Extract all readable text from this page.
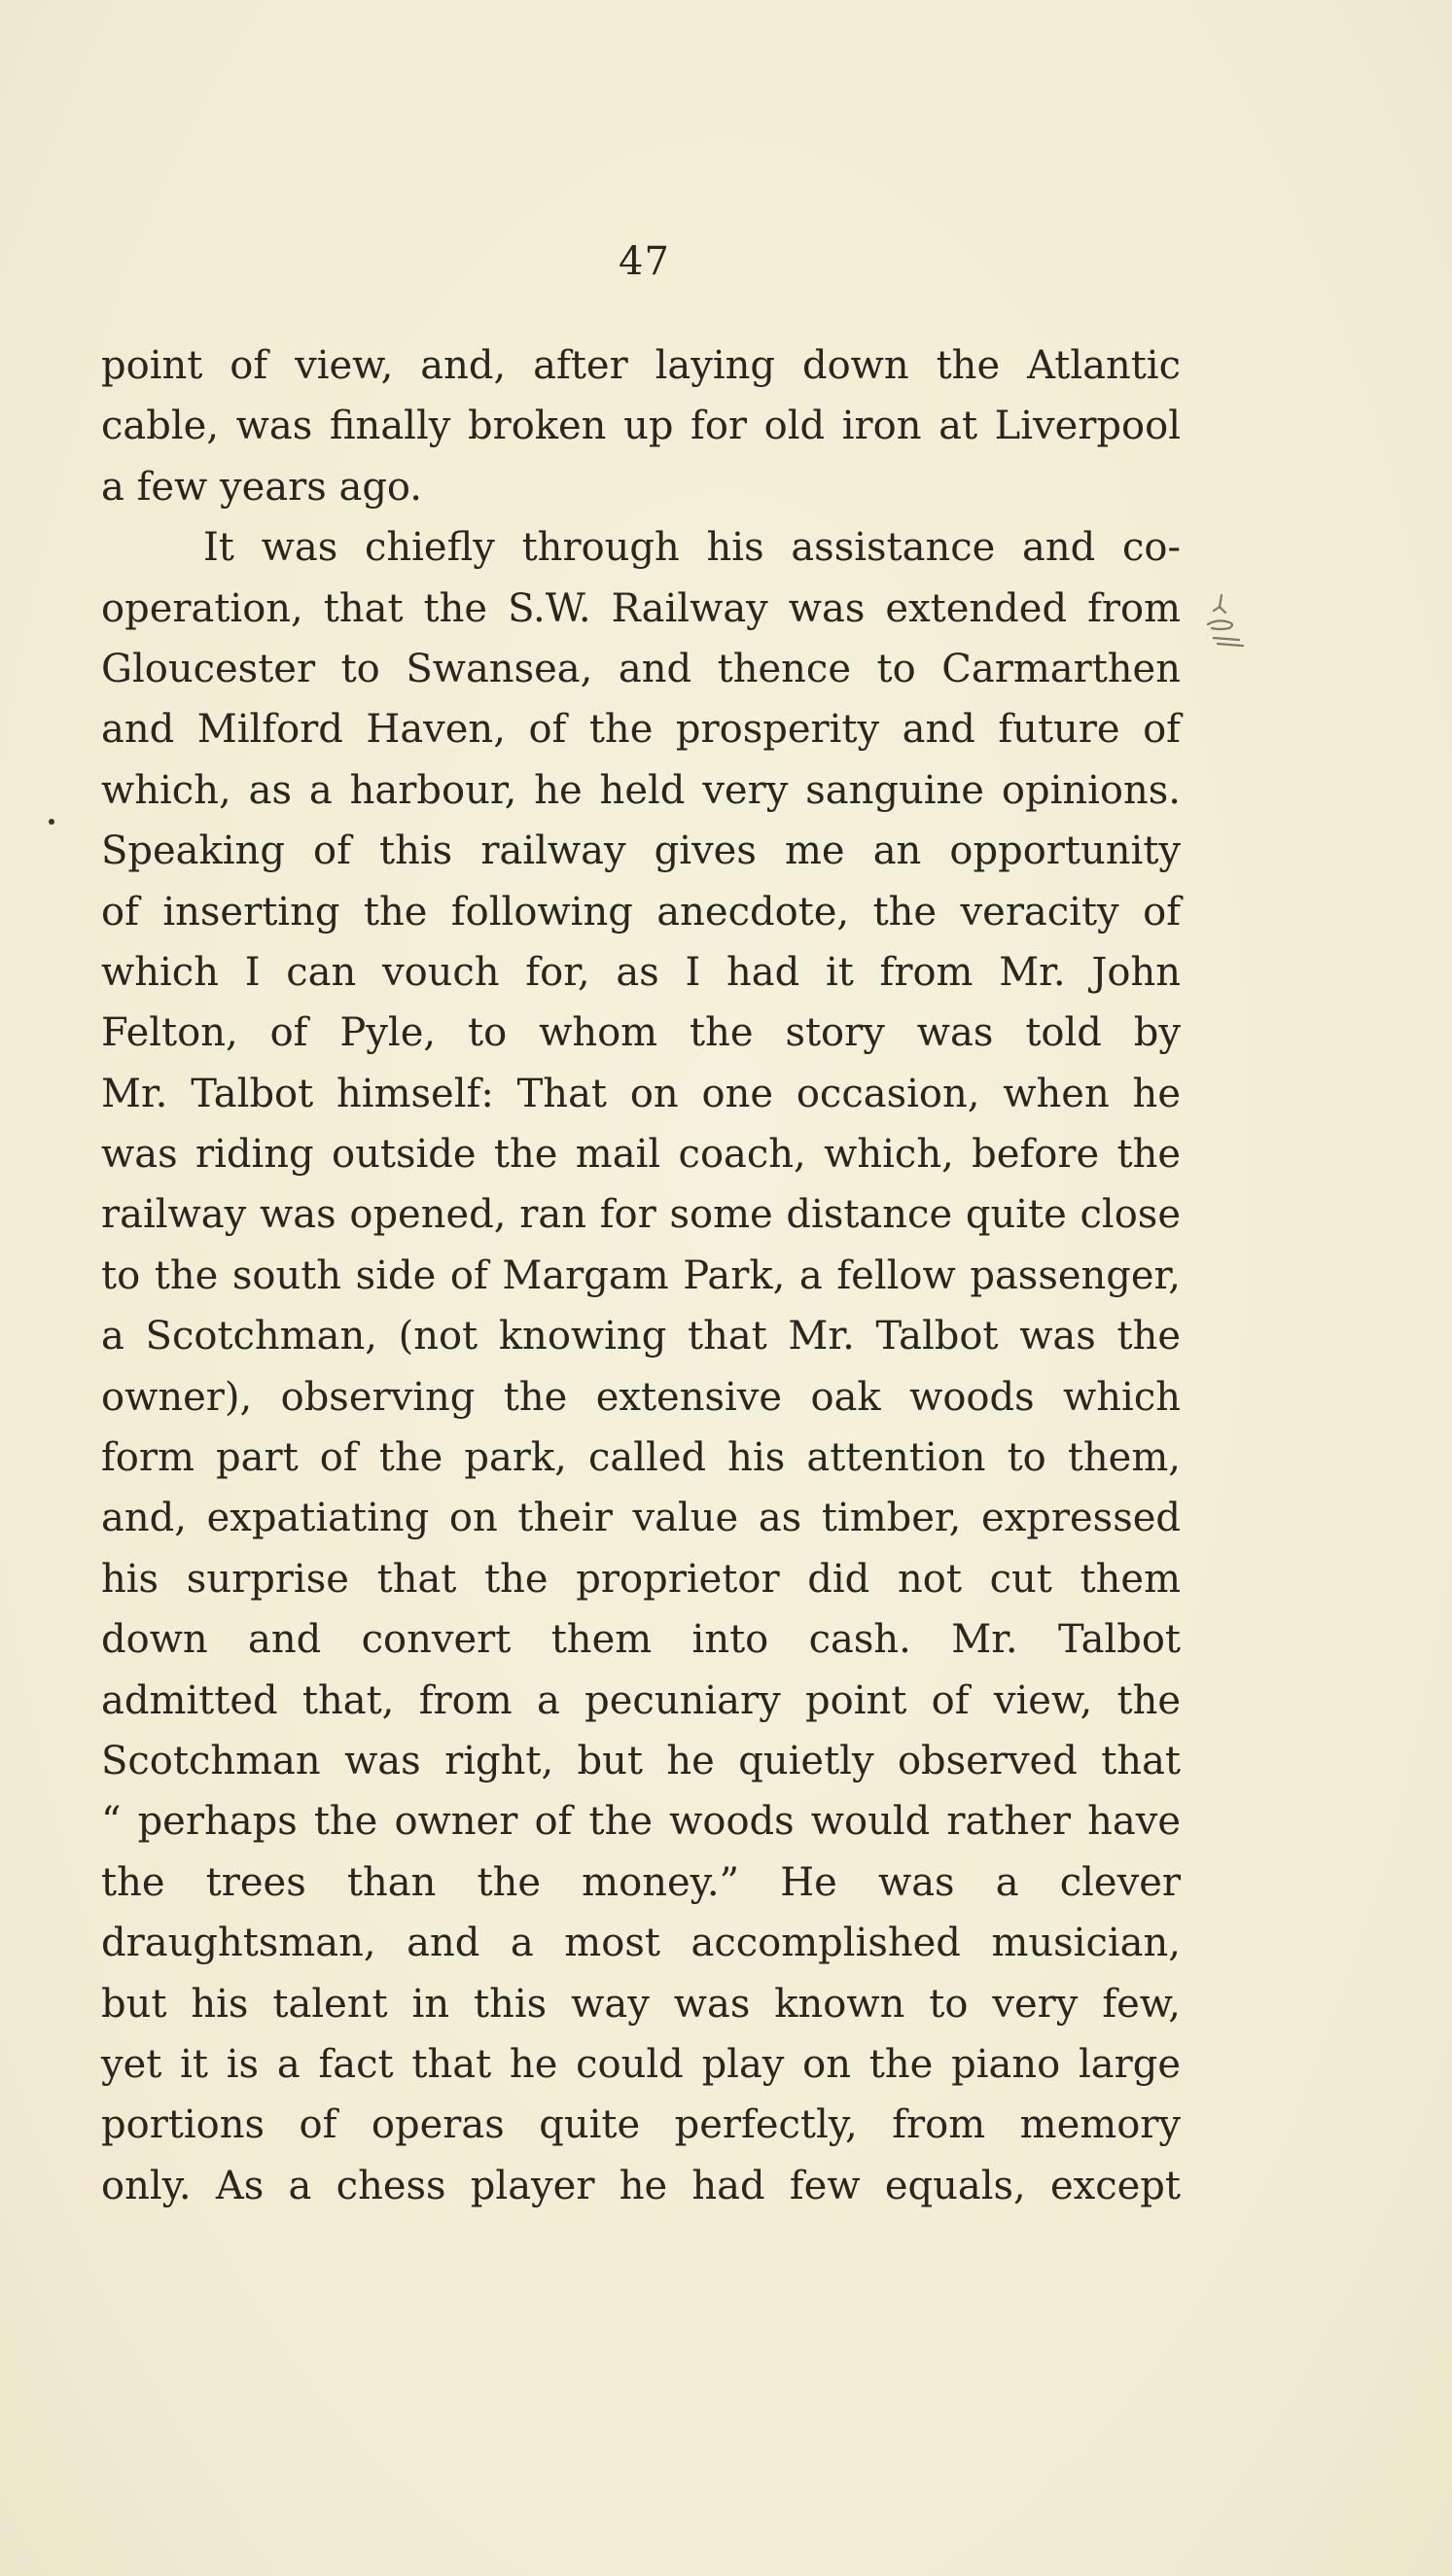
47
point of view, and, after laying down the Atlantic
cable, was finally broken up for old iron at Liverpool
a few years ago.
It was chiefly through his assistance and co-
operation, that the S.W. Railway was extended from
Gloucester to Swansea, and thence to Carmarthen
and Milford Haven, of the prosperity and future of
which, as a harbour, he held very sanguine opinions.
Speaking of this railway gives me an opportunity
of inserting the following anecdote, the veracity of
which I can vouch for, as I had it from Mr. John
Felton, of Pyle, to whom the story was told by
Mr. Talbot himself: That on one occasion, when he
was riding outside the mail coach, which, before the
railway was opened, ran for some distance quite close
to the south side of Margam Park, a fellow passenger,
a Scotchman, (not knowing that Mr. Talbot was the
owner), observing the extensive oak woods which
form part of the park, called his attention to them,
and, expatiating on their value as timber, expressed
his surprise that the proprietor did not cut them
down and convert them into cash. Mr. Talbot
admitted that, from a pecuniary point of view, the
Scotchman was right, but he quietly observed that
“ perhaps the owner of the woods would rather have
the trees than the money.” He was a clever
draughtsman, and a most accomplished musician,
but his talent in this way was known to very few,
yet it is a fact that he could play on the piano large
portions of operas quite perfectly, from memory
only. As a chess player he had few equals, except
